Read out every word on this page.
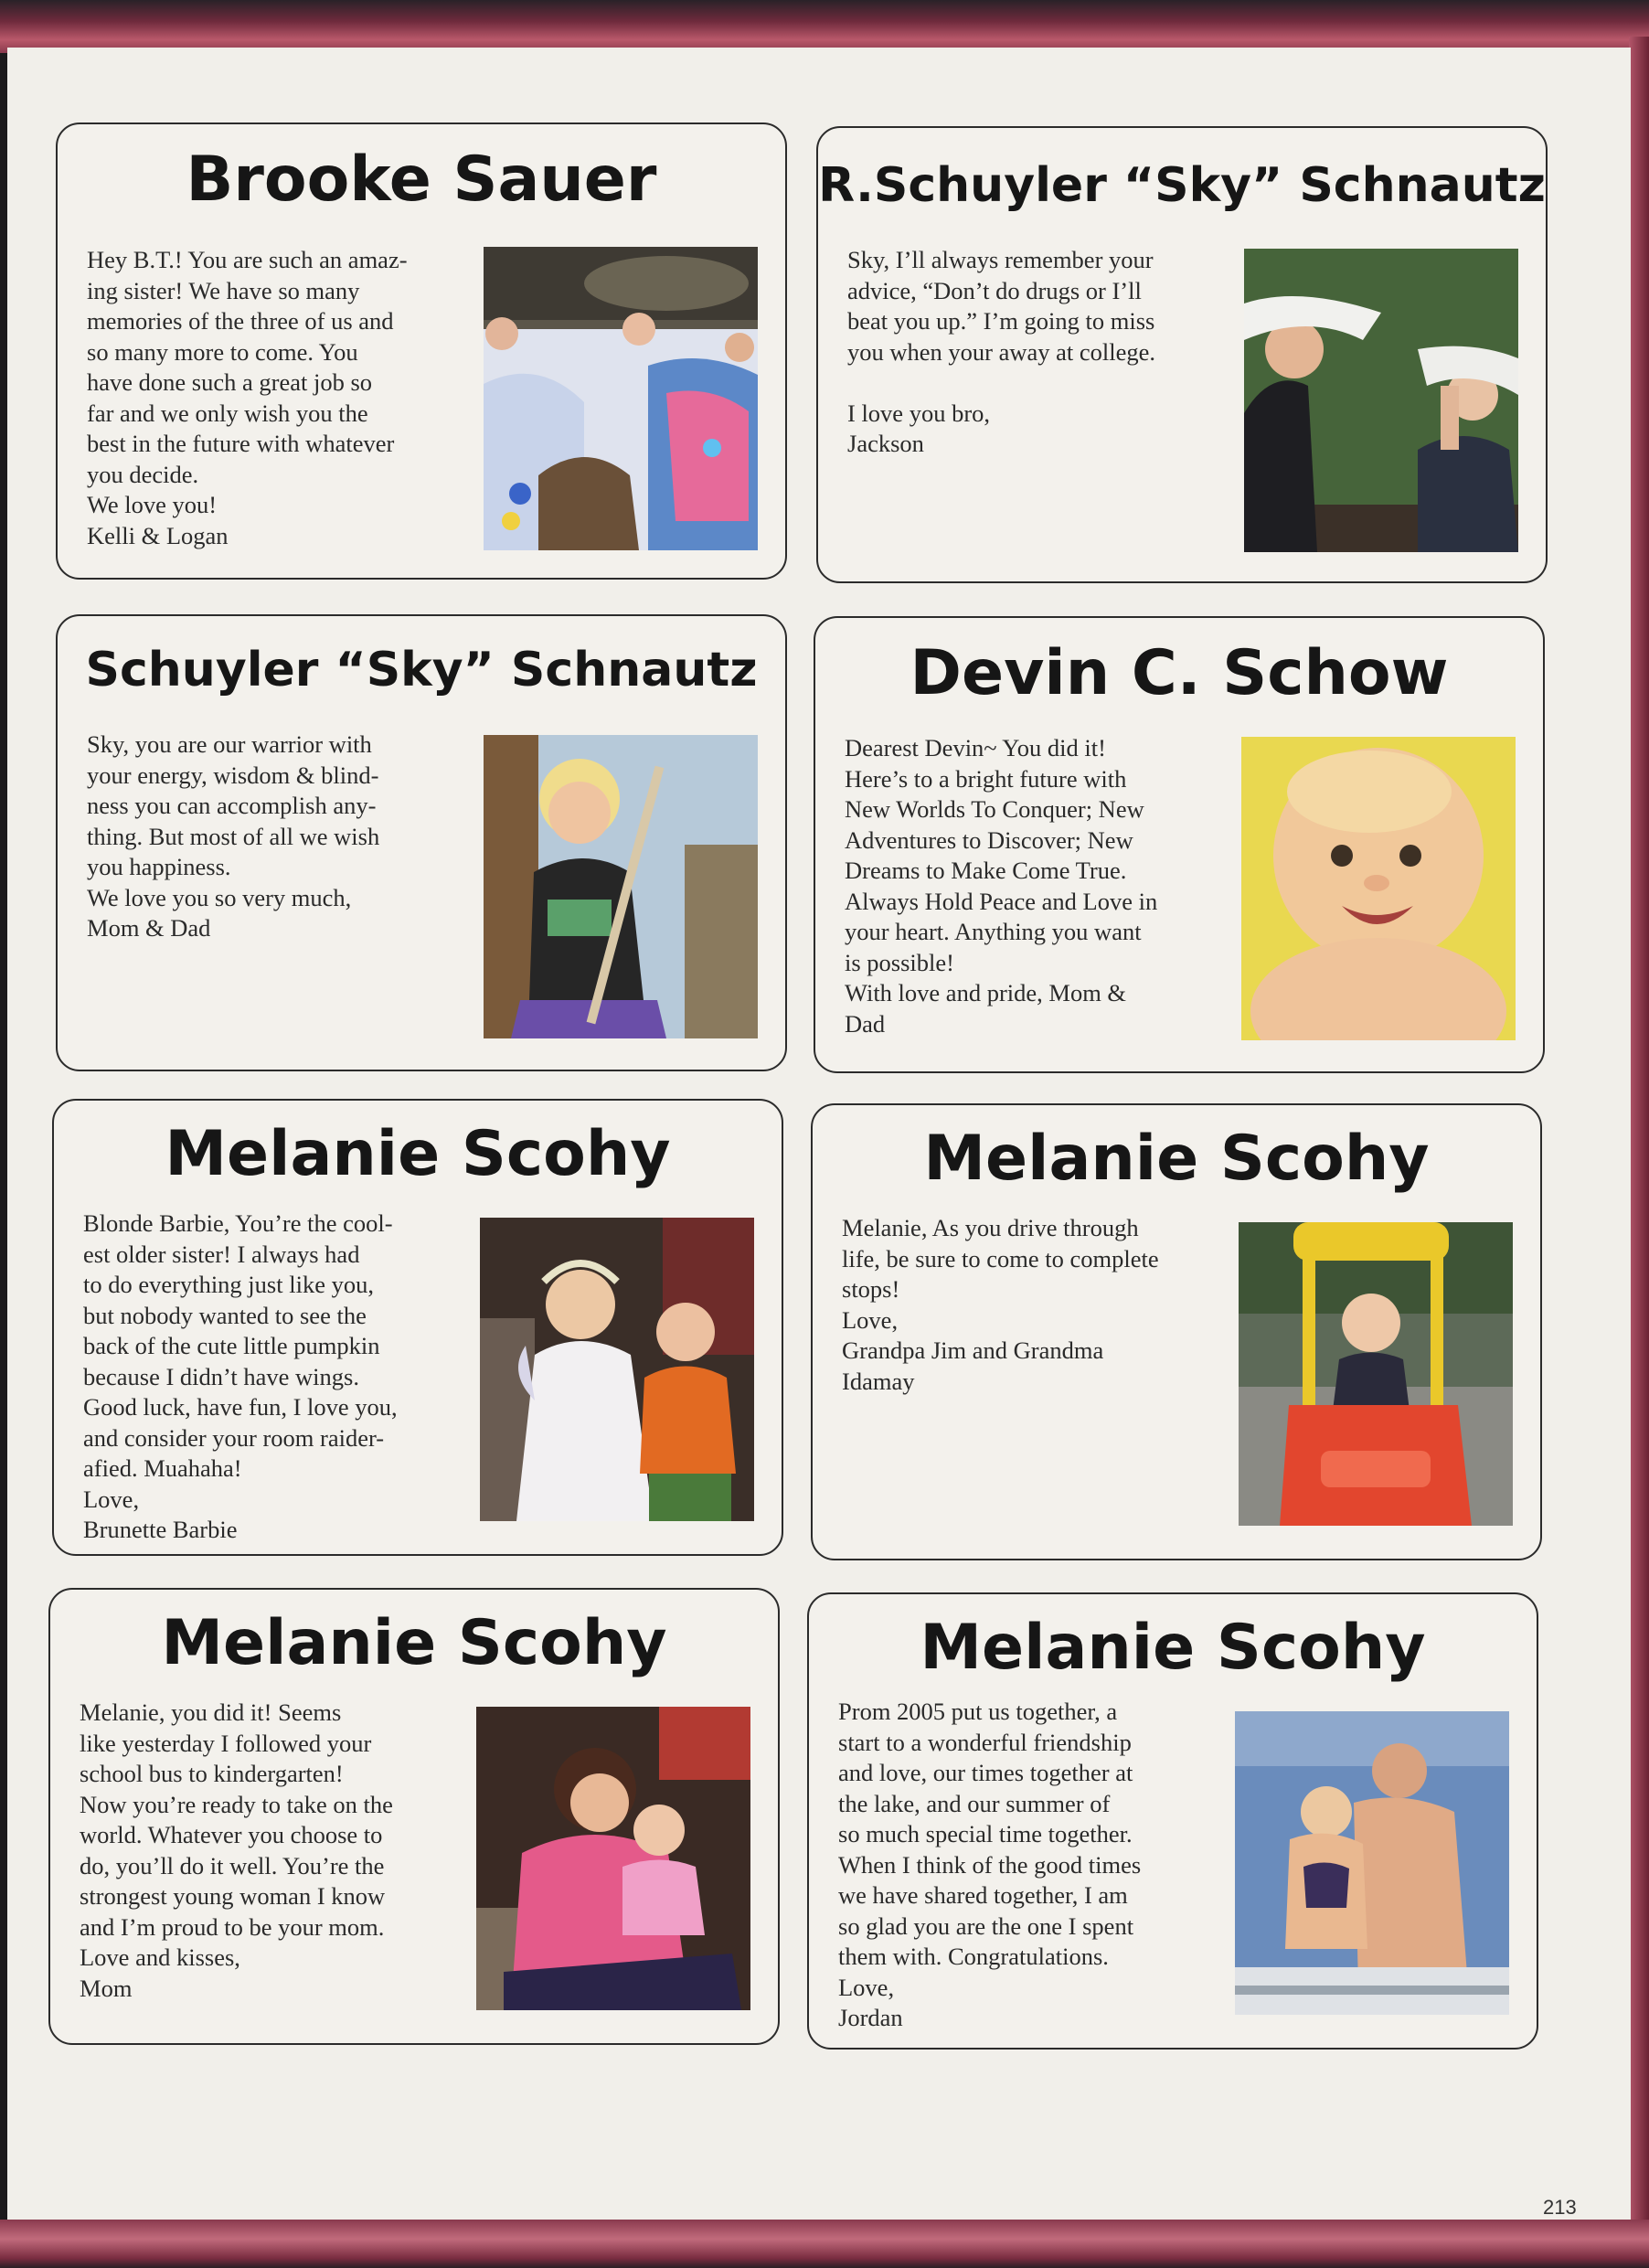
Brooke Sauer
Hey B.T.! You are such an amaz-
ing sister! We have so many
memories of the three of us and
so many more to come. You
have done such a great job so
far and we only wish you the
best in the future with whatever
you decide.
We love you!
Kelli & Logan
R.Schuyler “Sky” Schnautz
Sky, I’ll always remember your
advice, “Don’t do drugs or I’ll
beat you up.” I’m going to miss
you when your away at college.

I love you bro,
Jackson
Schuyler “Sky” Schnautz
Sky, you are our warrior with
your energy, wisdom & blind-
ness you can accomplish any-
thing. But most of all we wish
you happiness.
We love you so very much,
Mom & Dad
Devin C. Schow
Dearest Devin~ You did it!
Here’s to a bright future with
New Worlds To Conquer; New
Adventures to Discover; New
Dreams to Make Come True.
Always Hold Peace and Love in
your heart. Anything you want
is possible!
With love and pride, Mom &
Dad
Melanie Scohy
Blonde Barbie, You’re the cool-
est older sister! I always had
to do everything just like you,
but nobody wanted to see the
back of the cute little pumpkin
because I didn’t have wings.
Good luck, have fun, I love you,
and consider your room raider-
afied. Muahaha!
Love,
Brunette Barbie
Melanie Scohy
Melanie, As you drive through
life, be sure to come to complete
stops!
Love,
Grandpa Jim and Grandma
Idamay
Melanie Scohy
Melanie, you did it! Seems
like yesterday I followed your
school bus to kindergarten!
Now you’re ready to take on the
world. Whatever you choose to
do, you’ll do it well. You’re the
strongest young woman I know
and I’m proud to be your mom.
Love and kisses,
Mom
Melanie Scohy
Prom 2005 put us together, a
start to a wonderful friendship
and love, our times together at
the lake, and our summer of
so much special time together.
When I think of the good times
we have shared together, I am
so glad you are the one I spent
them with. Congratulations.
Love,
Jordan
213
